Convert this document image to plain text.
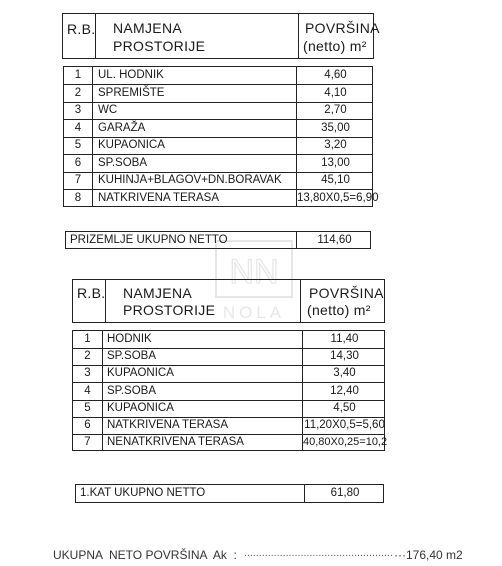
R.B. NAMJENA
PROSTORIJE
POVRŠINA
(netto) m²
1	UL. HODNIK	4,60
2	SPREMIŠTE	4,10
3	WC	2,70
4	GARAŽA	35,00
5	KUPAONICA	3,20
6	SP.SOBA	13,00
7	KUHINJA+BLAGOV+DN.BORAVAK	45,10
8	NATKRIVENA TERASA	13,80X0,5=6,90
PRIZEMLJE UKUPNO NETTO	114,60
NN
NOLA
R.B. NAMJENA
PROSTORIJE
POVRŠINA
(netto) m²
1	HODNIK	11,40
2	SP.SOBA	14,30
3	KUPAONICA	3,40
4	SP.SOBA	12,40
5	KUPAONICA	4,50
6	NATKRIVENA TERASA	11,20X0,5=5,60
7	NENATKRIVENA TERASA	40,80X0,25=10,2
1.KAT UKUPNO NETTO	61,80
UKUPNA  NETO POVRŠINA  Ak  : .................................................. ···176,40 m2
